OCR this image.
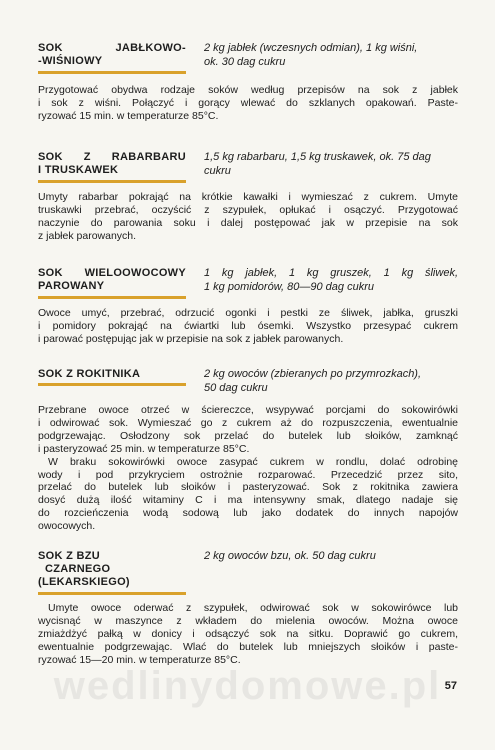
SOK JABŁKOWO-
-WIŚNIOWY
2 kg jabłek (wczesnych odmian), 1 kg wiśni,
ok. 30 dag cukru
Przygotować obydwa rodzaje soków według przepisów na sok z jabłek
i sok z wiśni. Połączyć i gorący wlewać do szklanych opakowań. Paste-
ryzować 15 min. w temperaturze 85°C.
SOK Z RABARBARU
I TRUSKAWEK
1,5 kg rabarbaru, 1,5 kg truskawek, ok. 75 dag
cukru
Umyty rabarbar pokrająć na krótkie kawałki i wymieszać z cukrem. Umyte
truskawki przebrać, oczyścić z szypułek, opłukać i osączyć. Przygotować
naczynie do parowania soku i dalej postępować jak w przepisie na sok
z jabłek parowanych.
SOK WIELOOWOCOWY
PAROWANY
1 kg jabłek, 1 kg gruszek, 1 kg śliwek,
1 kg pomidorów, 80—90 dag cukru
Owoce umyć, przebrać, odrzucić ogonki i pestki ze śliwek, jabłka, gruszki
i pomidory pokrająć na ćwiartki lub ósemki. Wszystko przesypać cukrem
i parować postępując jak w przepisie na sok z jabłek parowanych.
SOK Z ROKITNIKA	2 kg owoców (zbieranych po przymrozkach),
50 dag cukru
Przebrane owoce otrzeć w ściereczce, wsypywać porcjami do sokowirówki
i odwirować sok. Wymieszać go z cukrem aż do rozpuszczenia, ewentualnie
podgrzewając. Osłodzony sok przelać do butelek lub słoików, zamknąć
i pasteryzować 25 min. w temperaturze 85°C.
W braku sokowirówki owoce zasypać cukrem w rondlu, dolać odrobinę
wody i pod przykryciem ostrożnie rozparować. Przecedzić przez sito,
przelać do butelek lub słoików i pasteryzować. Sok z rokitnika zawiera
dosyć dużą ilość witaminy C i ma intensywny smak, dlatego nadaje się
do rozcieńczenia wodą sodową lub jako dodatek do innych napojów
owocowych.
SOK Z BZU
CZARNEGO
(LEKARSKIEGO)
2 kg owoców bzu, ok. 50 dag cukru
Umyte owoce oderwać z szypułek, odwirować sok w sokowirówce lub
wycisnąć w maszynce z wkładem do mielenia owoców. Można owoce
zmiażdżyć pałką w donicy i odsączyć sok na sitku. Doprawić go cukrem,
ewentualnie podgrzewając. Wlać do butelek lub mniejszych słoików i paste-
ryzować 15—20 min. w temperaturze 85°C.
wedlinydomowe.pl 57
